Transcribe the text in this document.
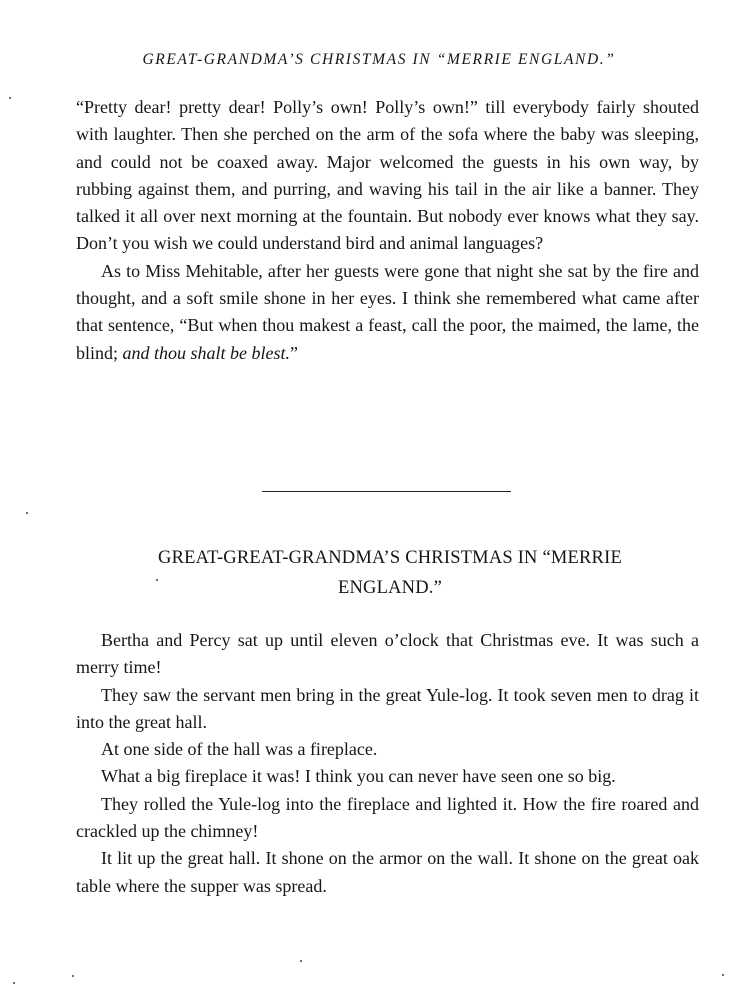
GREAT-GRANDMA’S CHRISTMAS IN “MERRIE ENGLAND.”

“Pretty dear! pretty dear! Polly’s own! Polly’s own!” till everybody fairly shouted with laughter. Then she perched on the arm of the sofa where the baby was sleeping, and could not be coaxed away. Major welcomed the guests in his own way, by rubbing against them, and purring, and waving his tail in the air like a banner. They talked it all over next morning at the fountain. But nobody ever knows what they say. Don’t you wish we could understand bird and animal languages?

As to Miss Mehitable, after her guests were gone that night she sat by the fire and thought, and a soft smile shone in her eyes. I think she remembered what came after that sentence, “But when thou makest a feast, call the poor, the maimed, the lame, the blind; and thou shalt be blest.”

GREAT-GREAT-GRANDMA’S CHRISTMAS IN “MERRIE
ENGLAND.”

Bertha and Percy sat up until eleven o’clock that Christmas eve. It was such a merry time!

They saw the servant men bring in the great Yule-log. It took seven men to drag it into the great hall.

At one side of the hall was a fireplace.

What a big fireplace it was! I think you can never have seen one so big.

They rolled the Yule-log into the fireplace and lighted it. How the fire roared and crackled up the chimney!

It lit up the great hall. It shone on the armor on the wall. It shone on the great oak table where the supper was spread.
